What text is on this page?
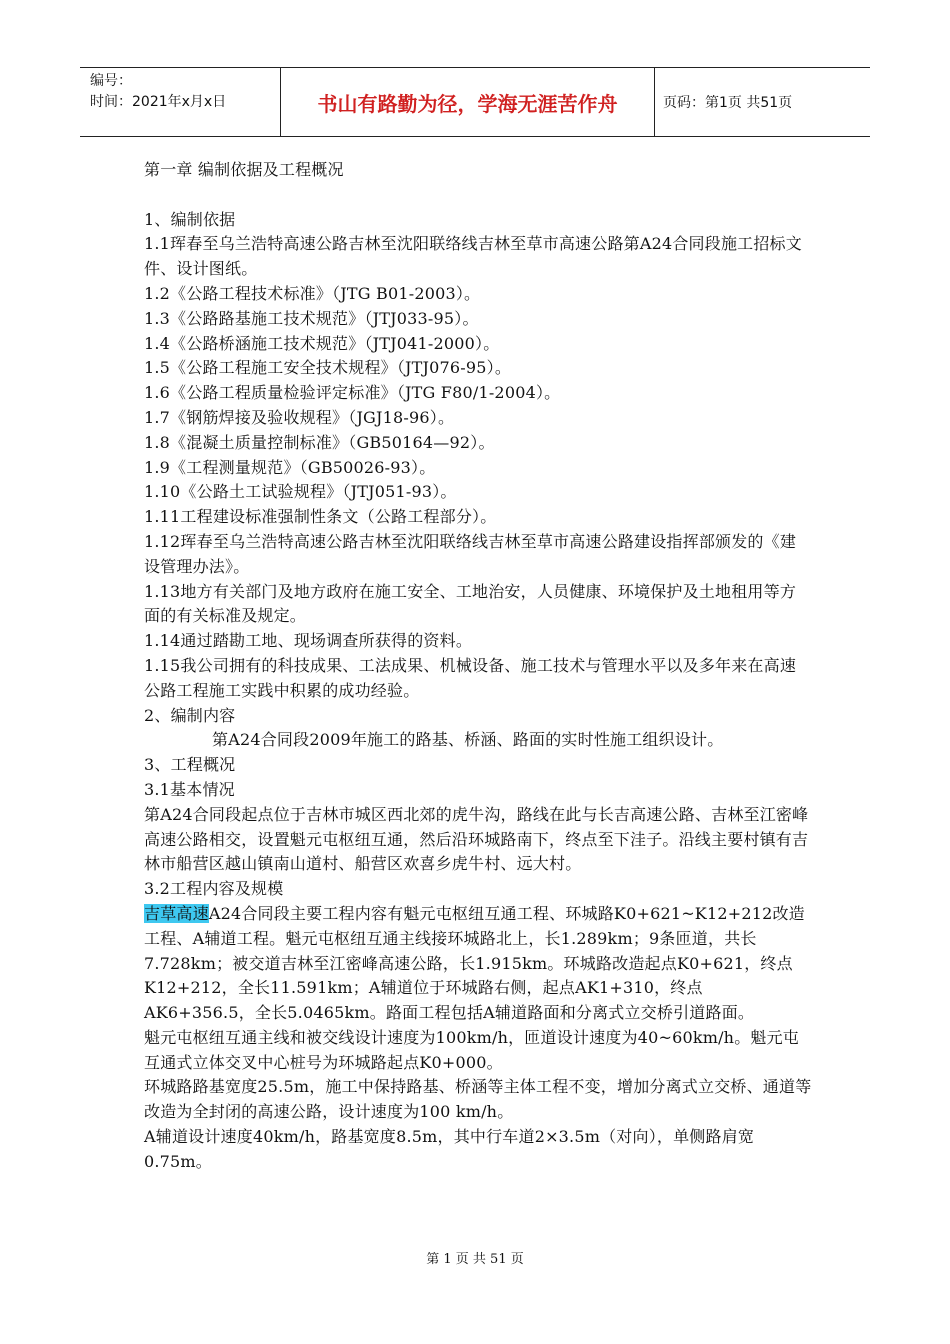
编号：
时间：2021年x月x日	书山有路勤为径，学海无涯苦作舟	页码：第1页 共51页

第一章 编制依据及工程概况

1、编制依据

1.1珲春至乌兰浩特高速公路吉林至沈阳联络线吉林至草市高速公路第A24合同段施工招标文件、设计图纸。

1.2《公路工程技术标准》（JTG B01-2003）。

1.3《公路路基施工技术规范》（JTJ033-95）。

1.4《公路桥涵施工技术规范》（JTJ041-2000）。

1.5《公路工程施工安全技术规程》（JTJ076-95）。

1.6《公路工程质量检验评定标准》（JTG F80/1-2004）。

1.7《钢筋焊接及验收规程》（JGJ18-96）。

1.8《混凝土质量控制标准》（GB50164—92）。

1.9《工程测量规范》（GB50026-93）。

1.10《公路土工试验规程》（JTJ051-93）。

1.11工程建设标准强制性条文（公路工程部分）。

1.12珲春至乌兰浩特高速公路吉林至沈阳联络线吉林至草市高速公路建设指挥部颁发的《建设管理办法》。

1.13地方有关部门及地方政府在施工安全、工地治安，人员健康、环境保护及土地租用等方面的有关标准及规定。

1.14通过踏勘工地、现场调查所获得的资料。

1.15我公司拥有的科技成果、工法成果、机械设备、施工技术与管理水平以及多年来在高速公路工程施工实践中积累的成功经验。

2、编制内容

第A24合同段2009年施工的路基、桥涵、路面的实时性施工组织设计。

3、工程概况

3.1基本情况

第A24合同段起点位于吉林市城区西北郊的虎牛沟，路线在此与长吉高速公路、吉林至江密峰高速公路相交，设置魁元屯枢纽互通，然后沿环城路南下，终点至下洼子。沿线主要村镇有吉林市船营区越山镇南山道村、船营区欢喜乡虎牛村、远大村。

3.2工程内容及规模

吉草高速A24合同段主要工程内容有魁元屯枢纽互通工程、环城路K0+621~K12+212改造工程、A辅道工程。魁元屯枢纽互通主线接环城路北上，长1.289km；9条匝道，共长7.728km；被交道吉林至江密峰高速公路，长1.915km。环城路改造起点K0+621，终点K12+212，全长11.591km；A辅道位于环城路右侧，起点AK1+310，终点AK6+356.5，全长5.0465km。路面工程包括A辅道路面和分离式立交桥引道路面。

魁元屯枢纽互通主线和被交线设计速度为100km/h，匝道设计速度为40~60km/h。魁元屯互通式立体交叉中心桩号为环城路起点K0+000。

环城路路基宽度25.5m，施工中保持路基、桥涵等主体工程不变，增加分离式立交桥、通道等改造为全封闭的高速公路，设计速度为100 km/h。

A辅道设计速度40km/h，路基宽度8.5m，其中行车道2×3.5m（对向），单侧路肩宽0.75m。

第 1 页 共 51 页
